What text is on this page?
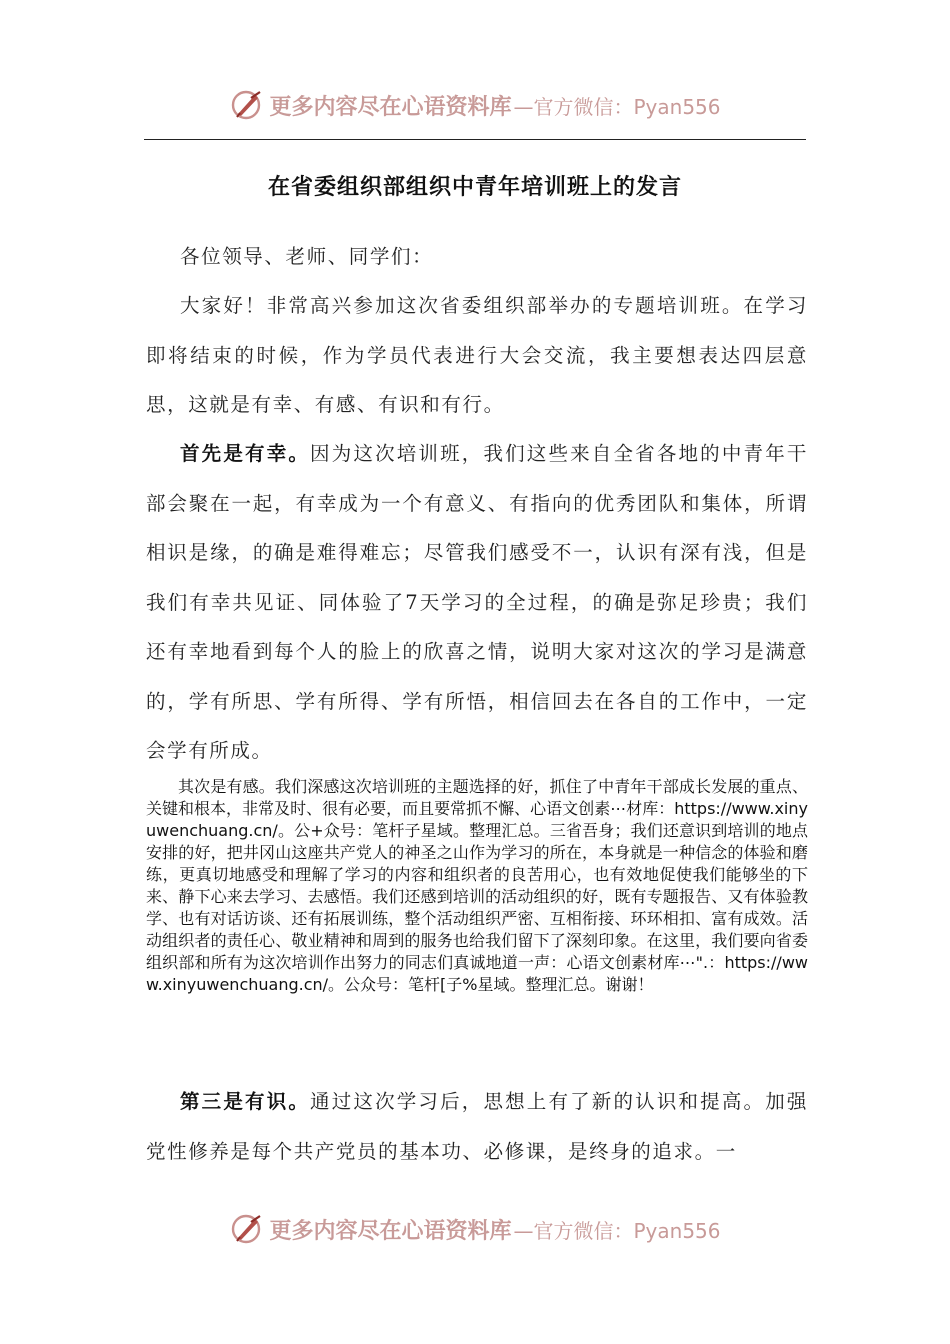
更多内容尽在心语资料库 —官方微信：Pyan556
在省委组织部组织中青年培训班上的发言

各位领导、老师、同学们：

大家好！非常高兴参加这次省委组织部举办的专题培训班。在学习即将结束的时候，作为学员代表进行大会交流，我主要想表达四层意思，这就是有幸、有感、有识和有行。

首先是有幸。因为这次培训班，我们这些来自全省各地的中青年干部会聚在一起，有幸成为一个有意义、有指向的优秀团队和集体，所谓相识是缘，的确是难得难忘；尽管我们感受不一，认识有深有浅，但是我们有幸共见证、同体验了7天学习的全过程，的确是弥足珍贵；我们还有幸地看到每个人的脸上的欣喜之情，说明大家对这次的学习是满意的，学有所思、学有所得、学有所悟，相信回去在各自的工作中，一定会学有所成。

其次是有感。我们深感这次培训班的主题选择的好，抓住了中青年干部成长发展的重点、关键和根本，非常及时、很有必要，而且要常抓不懈、心语文创素⋯材库：https://www.xinyuwenchuang.cn/。公+众号：笔杆子星域。整理汇总。三省吾身；我们还意识到培训的地点安排的好，把井冈山这座共产党人的神圣之山作为学习的所在，本身就是一种信念的体验和磨练，更真切地感受和理解了学习的内容和组织者的良苦用心，也有效地促使我们能够坐的下来、静下心来去学习、去感悟。我们还感到培训的活动组织的好，既有专题报告、又有体验教学、也有对话访谈、还有拓展训练，整个活动组织严密、互相衔接、环环相扣、富有成效。活动组织者的责任心、敬业精神和周到的服务也给我们留下了深刻印象。在这里，我们要向省委组织部和所有为这次培训作出努力的同志们真诚地道一声：心语文创素材库⋯".：https://www.xinyuwenchuang.cn/。公众号：笔杆[子%星域。整理汇总。谢谢！

第三是有识。通过这次学习后，思想上有了新的认识和提高。加强党性修养是每个共产党员的基本功、必修课，是终身的追求。一

更多内容尽在心语资料库 —官方微信：Pyan556
